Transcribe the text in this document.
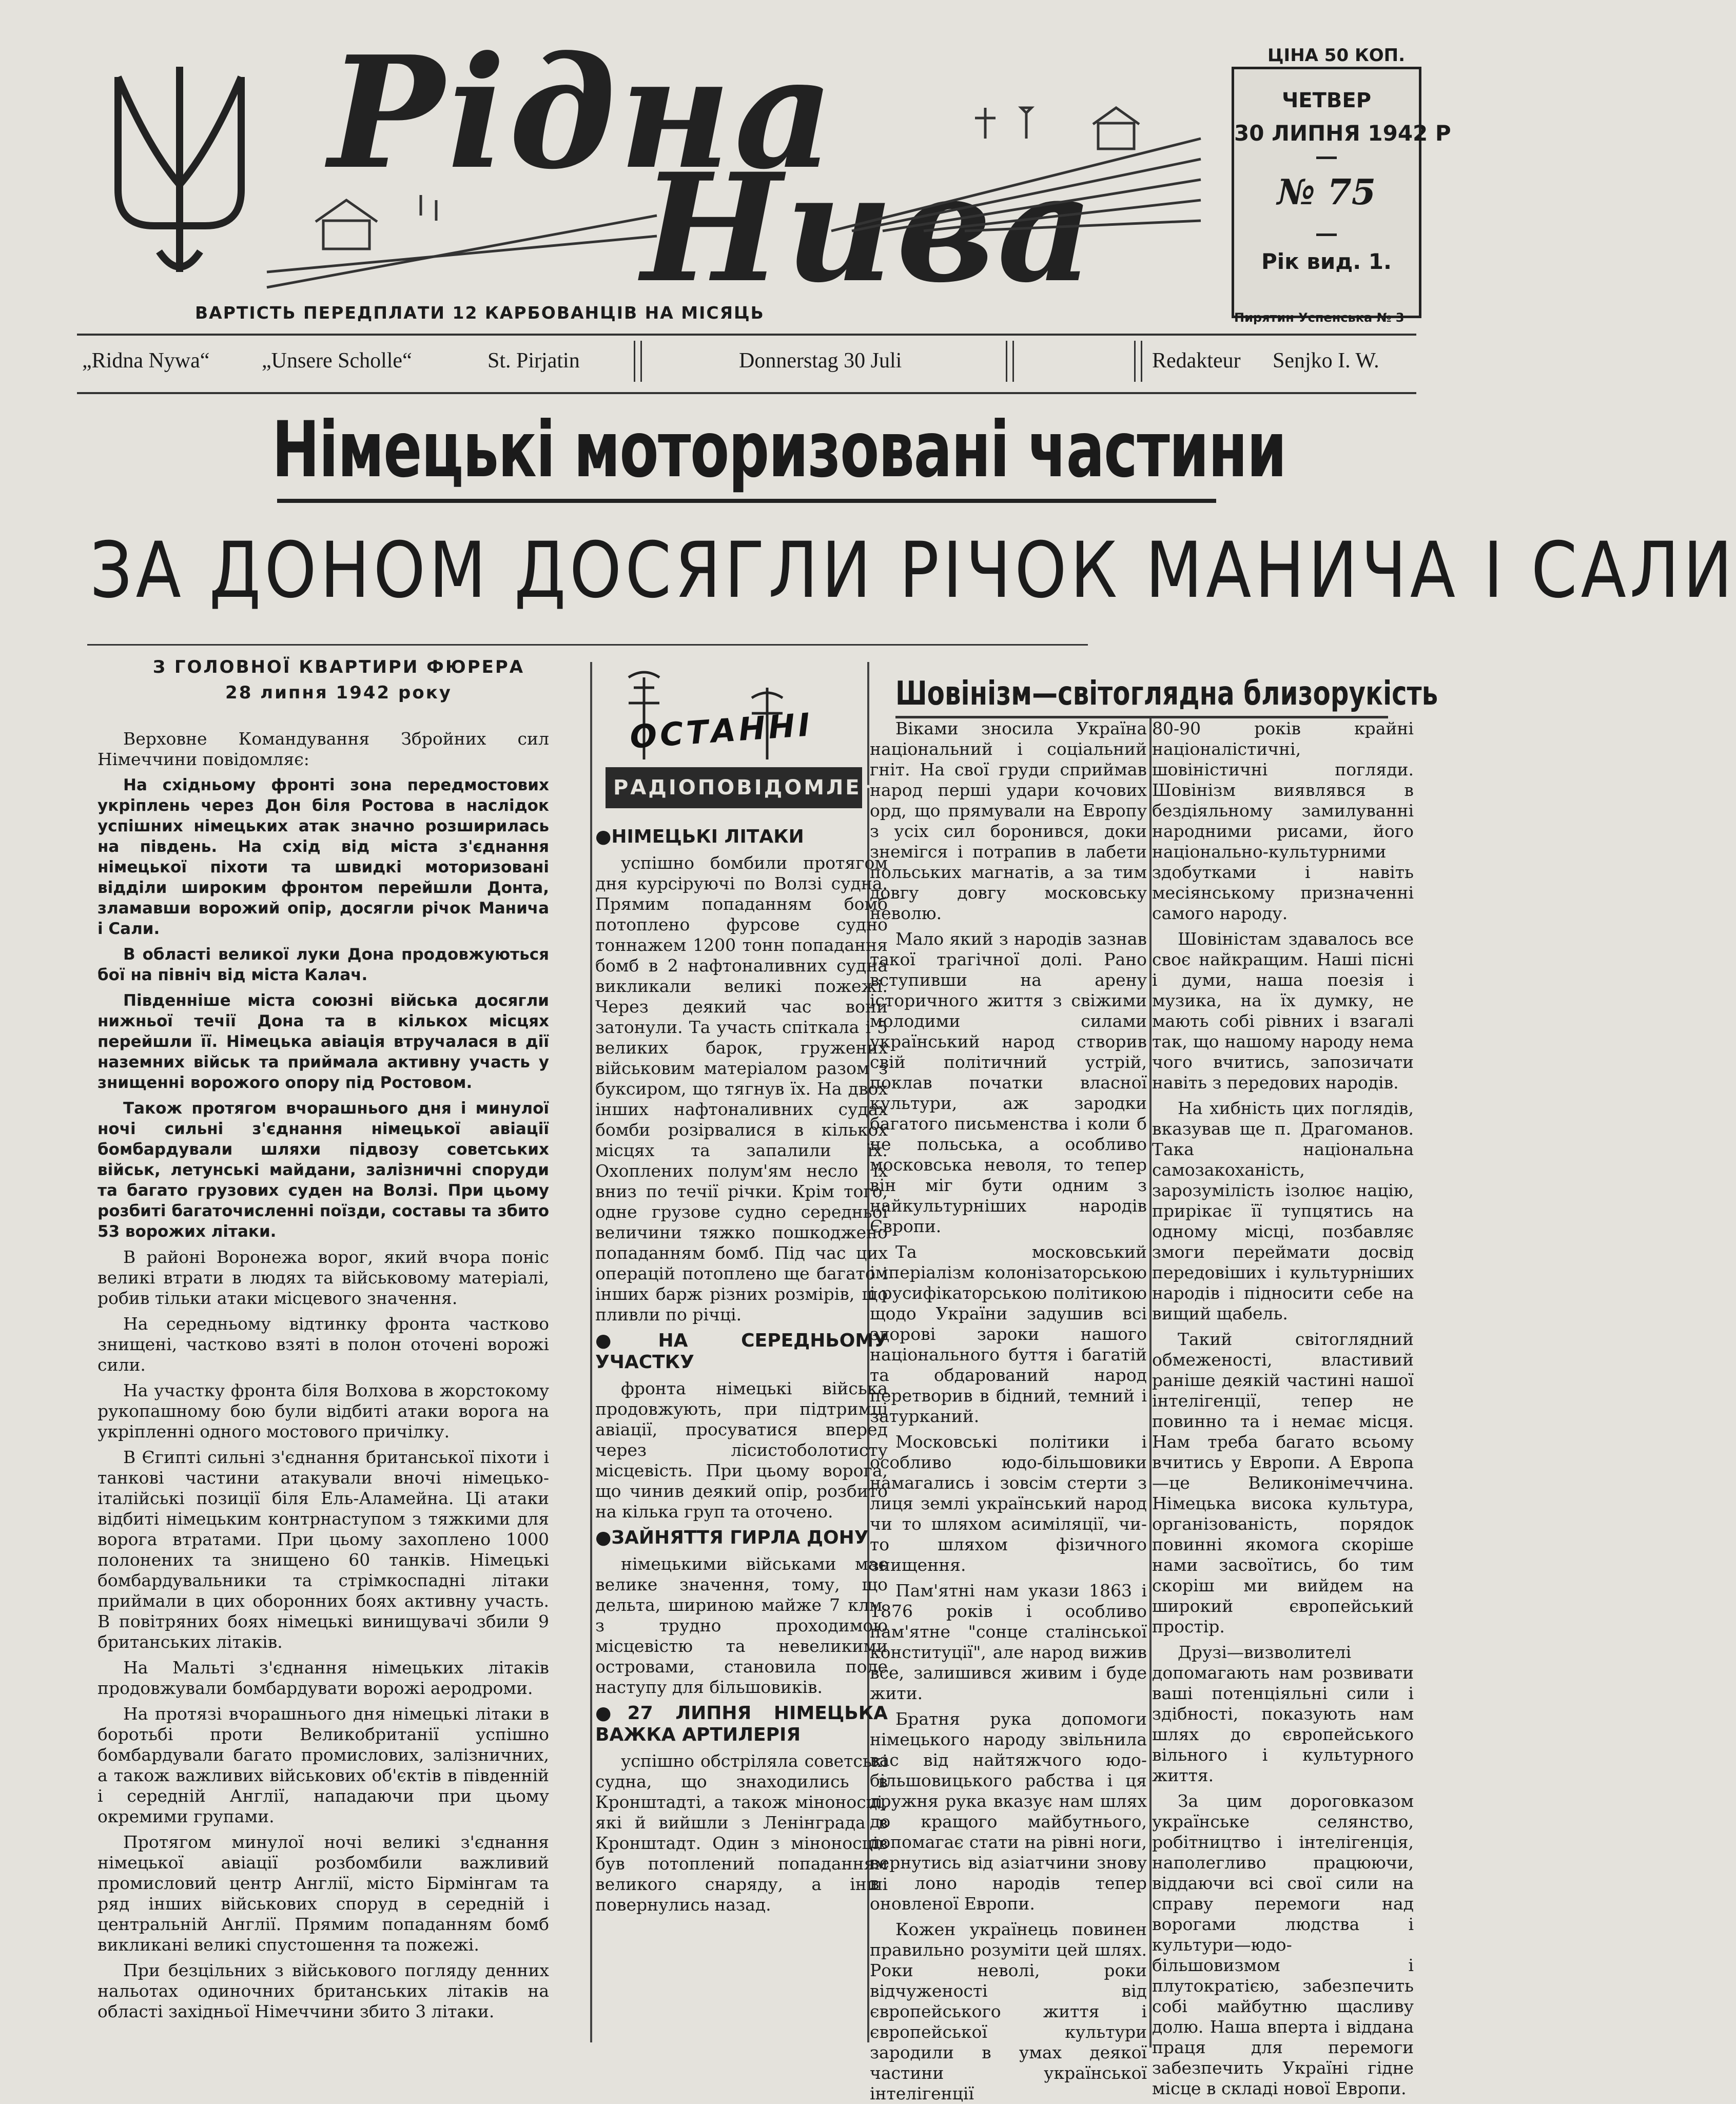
Рідна
Нива
ВАРТІСТЬ ПЕРЕДПЛАТИ 12 КАРБОВАНЦІВ НА МІСЯЦЬ
ЦІНА 50 КОП.
ЧЕТВЕР
30 ЛИПНЯ 1942 Р
№ 75
Рік вид. 1.
Пирятин Успенська № 3
„Ridna Nywa“ „Unsere Scholle“	St. Pirjatin	Donnerstag 30 Juli	Redakteur Senjko I. W.
Німецькі моторизовані частини
ЗА ДОНОМ ДОСЯГЛИ РІЧОК МАНИЧА І САЛИ
З ГОЛОВНОЇ КВАРТИРИ ФЮРЕРА
28 липня 1942 року

Верховне Командування Збройних сил Німеччини повідомляє:

На східньому фронті зона передмостових укріплень через Дон біля Ростова в наслідок успішних німецьких атак значно розширилась на південь. На схід від міста з'єднання німецької піхоти та швидкі моторизовані відділи широким фронтом перейшли Донта, зламавши ворожий опір, досягли річок Манича і Сали.

В області великої луки Дона продовжуються бої на північ від міста Калач.

Південніше міста союзні війська досягли нижньої течії Дона та в кількох місцях перейшли її. Німецька авіація втручалася в дії наземних військ та приймала активну участь у знищенні ворожого опору під Ростовом.

Також протягом вчорашнього дня і минулої ночі сильні з'єднання німецької авіації бомбардували шляхи підвозу советських військ, летунські майдани, залізничні споруди та багато грузових суден на Волзі. При цьому розбиті багаточисленні поїзди, составы та збито 53 ворожих літаки.

В районі Воронежа ворог, який вчора поніс великі втрати в людях та військовому матеріалі, робив тільки атаки місцевого значення.

На середньому відтинку фронта частково знищені, частково взяті в полон оточені ворожі сили.

На участку фронта біля Волхова в жорстокому рукопашному бою були відбиті атаки ворога на укріпленні одного мостового причілку.

В Єгипті сильні з'єднання британської піхоти і танкові частини атакували вночі німецько-італійські позиції біля Ель-Аламейна. Ці атаки відбиті німецьким контрнаступом з тяжкими для ворога втратами. При цьому захоплено 1000 полонених та знищено 60 танків. Німецькі бомбардувальники та стрімкоспадні літаки приймали в цих оборонних боях активну участь. В повітряних боях німецькі винищувачі збили 9 британських літаків.

На Мальті з'єднання німецьких літаків продовжували бомбардувати ворожі аеродроми.

На протязі вчорашнього дня німецькі літаки в боротьбі проти Великобританії успішно бомбардували багато промислових, залізничних, а також важливих військових об'єктів в південній і середній Англії, нападаючи при цьому окремими групами.

Протягом минулої ночі великі з'єднання німецької авіації розбомбили важливий промисловий центр Англії, місто Бірмінгам та ряд інших військових споруд в середній і центральній Англії. Прямим попаданням бомб викликані великі спустошення та пожежі.

При безцільних з військового погляду денних нальотах одиночних британських літаків на області західньої Німеччини збито 3 літаки.

ОСТАННІ
РАДІОПОВІДОМЛЕННЯ
●НІМЕЦЬКІ ЛІТАКИ

успішно бомбили протягом дня курсіруючі по Волзі судна. Прямим попаданням бомб потоплено фурсове судно тоннажем 1200 тонн попадання бомб в 2 нафтоналивних судна викликали великі пожежі. Через деякий час вони затонули. Та участь спіткала і 5 великих барок, гружених військовим матеріалом разом з буксиром, що тягнув їх. На двох інших нафтоналивних судах бомби розірвалися в кількох місцях та запалили їх. Охоплених полум'ям несло їх вниз по течії річки. Крім того, одне грузове судно середньої величини тяжко пошкоджено попаданням бомб. Під час цих операцій потоплено ще багато і інших барж різних розмірів, що пливли по річці.

●НА СЕРЕДНЬОМУ УЧАСТКУ

фронта німецькі війська продовжують, при підтримці авіації, просуватися вперед через лісистоболотисту місцевість. При цьому ворога, що чинив деякий опір, розбито на кілька груп та оточено.

●ЗАЙНЯТТЯ ГИРЛА ДОНУ

німецькими військами має велике значення, тому, що дельта, шириною майже 7 клм. з трудно проходимою місцевістю та невеликими островами, становила поле наступу для більшовиків.

●27 ЛИПНЯ НІМЕЦЬКА ВАЖКА АРТИЛЕРІЯ

успішно обстріляла советські судна, що знаходились в Кронштадті, а також міноносці, які й вийшли з Ленінграда в Кронштадт. Один з міноносців був потоплений попаданням великого снаряду, а інші повернулись назад.

Шовінізм—світоглядна близорукість

Віками зносила Україна національний і соціальний гніт. На свої груди сприймав народ перші удари кочових орд, що прямували на Европу з усіх сил боронився, доки знемігся і потрапив в лабети польських магнатів, а за тим довгу довгу московську неволю.

Мало який з народів зазнав такої трагічної долі. Рано вступивши на арену історичного життя з свіжими молодими силами український народ створив свій політичний устрій, поклав початки власної культури, аж зародки багатого письменства і коли б не польська, а особливо московська неволя, то тепер він міг бути одним з найкультурніших народів Європи.

Та московський імперіалізм колонізаторською і русифікаторською політикою щодо України задушив всі здорові зароки нашого національного буття і багатій та обдарований народ перетворив в бідний, темний і затурканий.

Московські політики і особливо юдо-більшовики намагались і зовсім стерти з лиця землі український народ чи то шляхом асиміляції, чи-то шляхом фізичного знищення.

Пам'ятні нам укази 1863 і 1876 років і особливо пам'ятне "сонце сталінської конституції", але народ вижив все, залишився живим і буде жити.

Братня рука допомоги німецького народу звільнила вас від найтяжчого юдо-більшовицького рабства і ця дружня рука вказує нам шлях до кращого майбутнього, допомагає стати на рівні ноги, вернутись від азіатчини знову в лоно народів тепер оновленої Европи.

Кожен українець повинен правильно розуміти цей шлях. Роки неволі, роки відчуженості від європейського життя і європейської культури зародили в умах деякої частини української інтелігенції

80-90 років крайні націоналістичні, шовіністичні погляди. Шовінізм виявлявся в бездіяльному замилуванні народними рисами, його національно-культурними здобутками і навіть месіянському призначенні самого народу.

Шовіністам здавалось все своє найкращим. Наші пісні і думи, наша поезія і музика, на їх думку, не мають собі рівних і взагалі так, що нашому народу нема чого вчитись, запозичати навіть з передових народів.

На хибність цих поглядів, вказував ще п. Драгоманов. Така національна самозакоханість, зарозумілість ізолює націю, прирікає її тупцятись на одному місці, позбавляє змоги переймати досвід передовіших і культурніших народів і підносити себе на вищий щабель.

Такий світоглядний обмеженості, властивий раніше деякій частині нашої інтелігенції, тепер не повинно та і немає місця. Нам треба багато всьому вчитись у Европи. А Европа—це Великонімеччина. Німецька висока культура, організованість, порядок повинні якомога скоріше нами засвоїтись, бо тим скоріш ми вийдем на широкий європейський простір.

Друзі—визволителі допомагають нам розвивати ваші потенціяльні сили і здібності, показують нам шлях до європейського вільного і культурного життя.

За цим дороговказом українське селянство, робітництво і інтелігенція, наполегливо працюючи, віддаючи всі свої сили на справу перемоги над ворогами людства і культури—юдо-більшовизмом і плутократією, забезпечить собі майбутню щасливу долю. Наша вперта і віддана праця для перемоги забезпечить Україні гідне місце в складі нової Европи.
